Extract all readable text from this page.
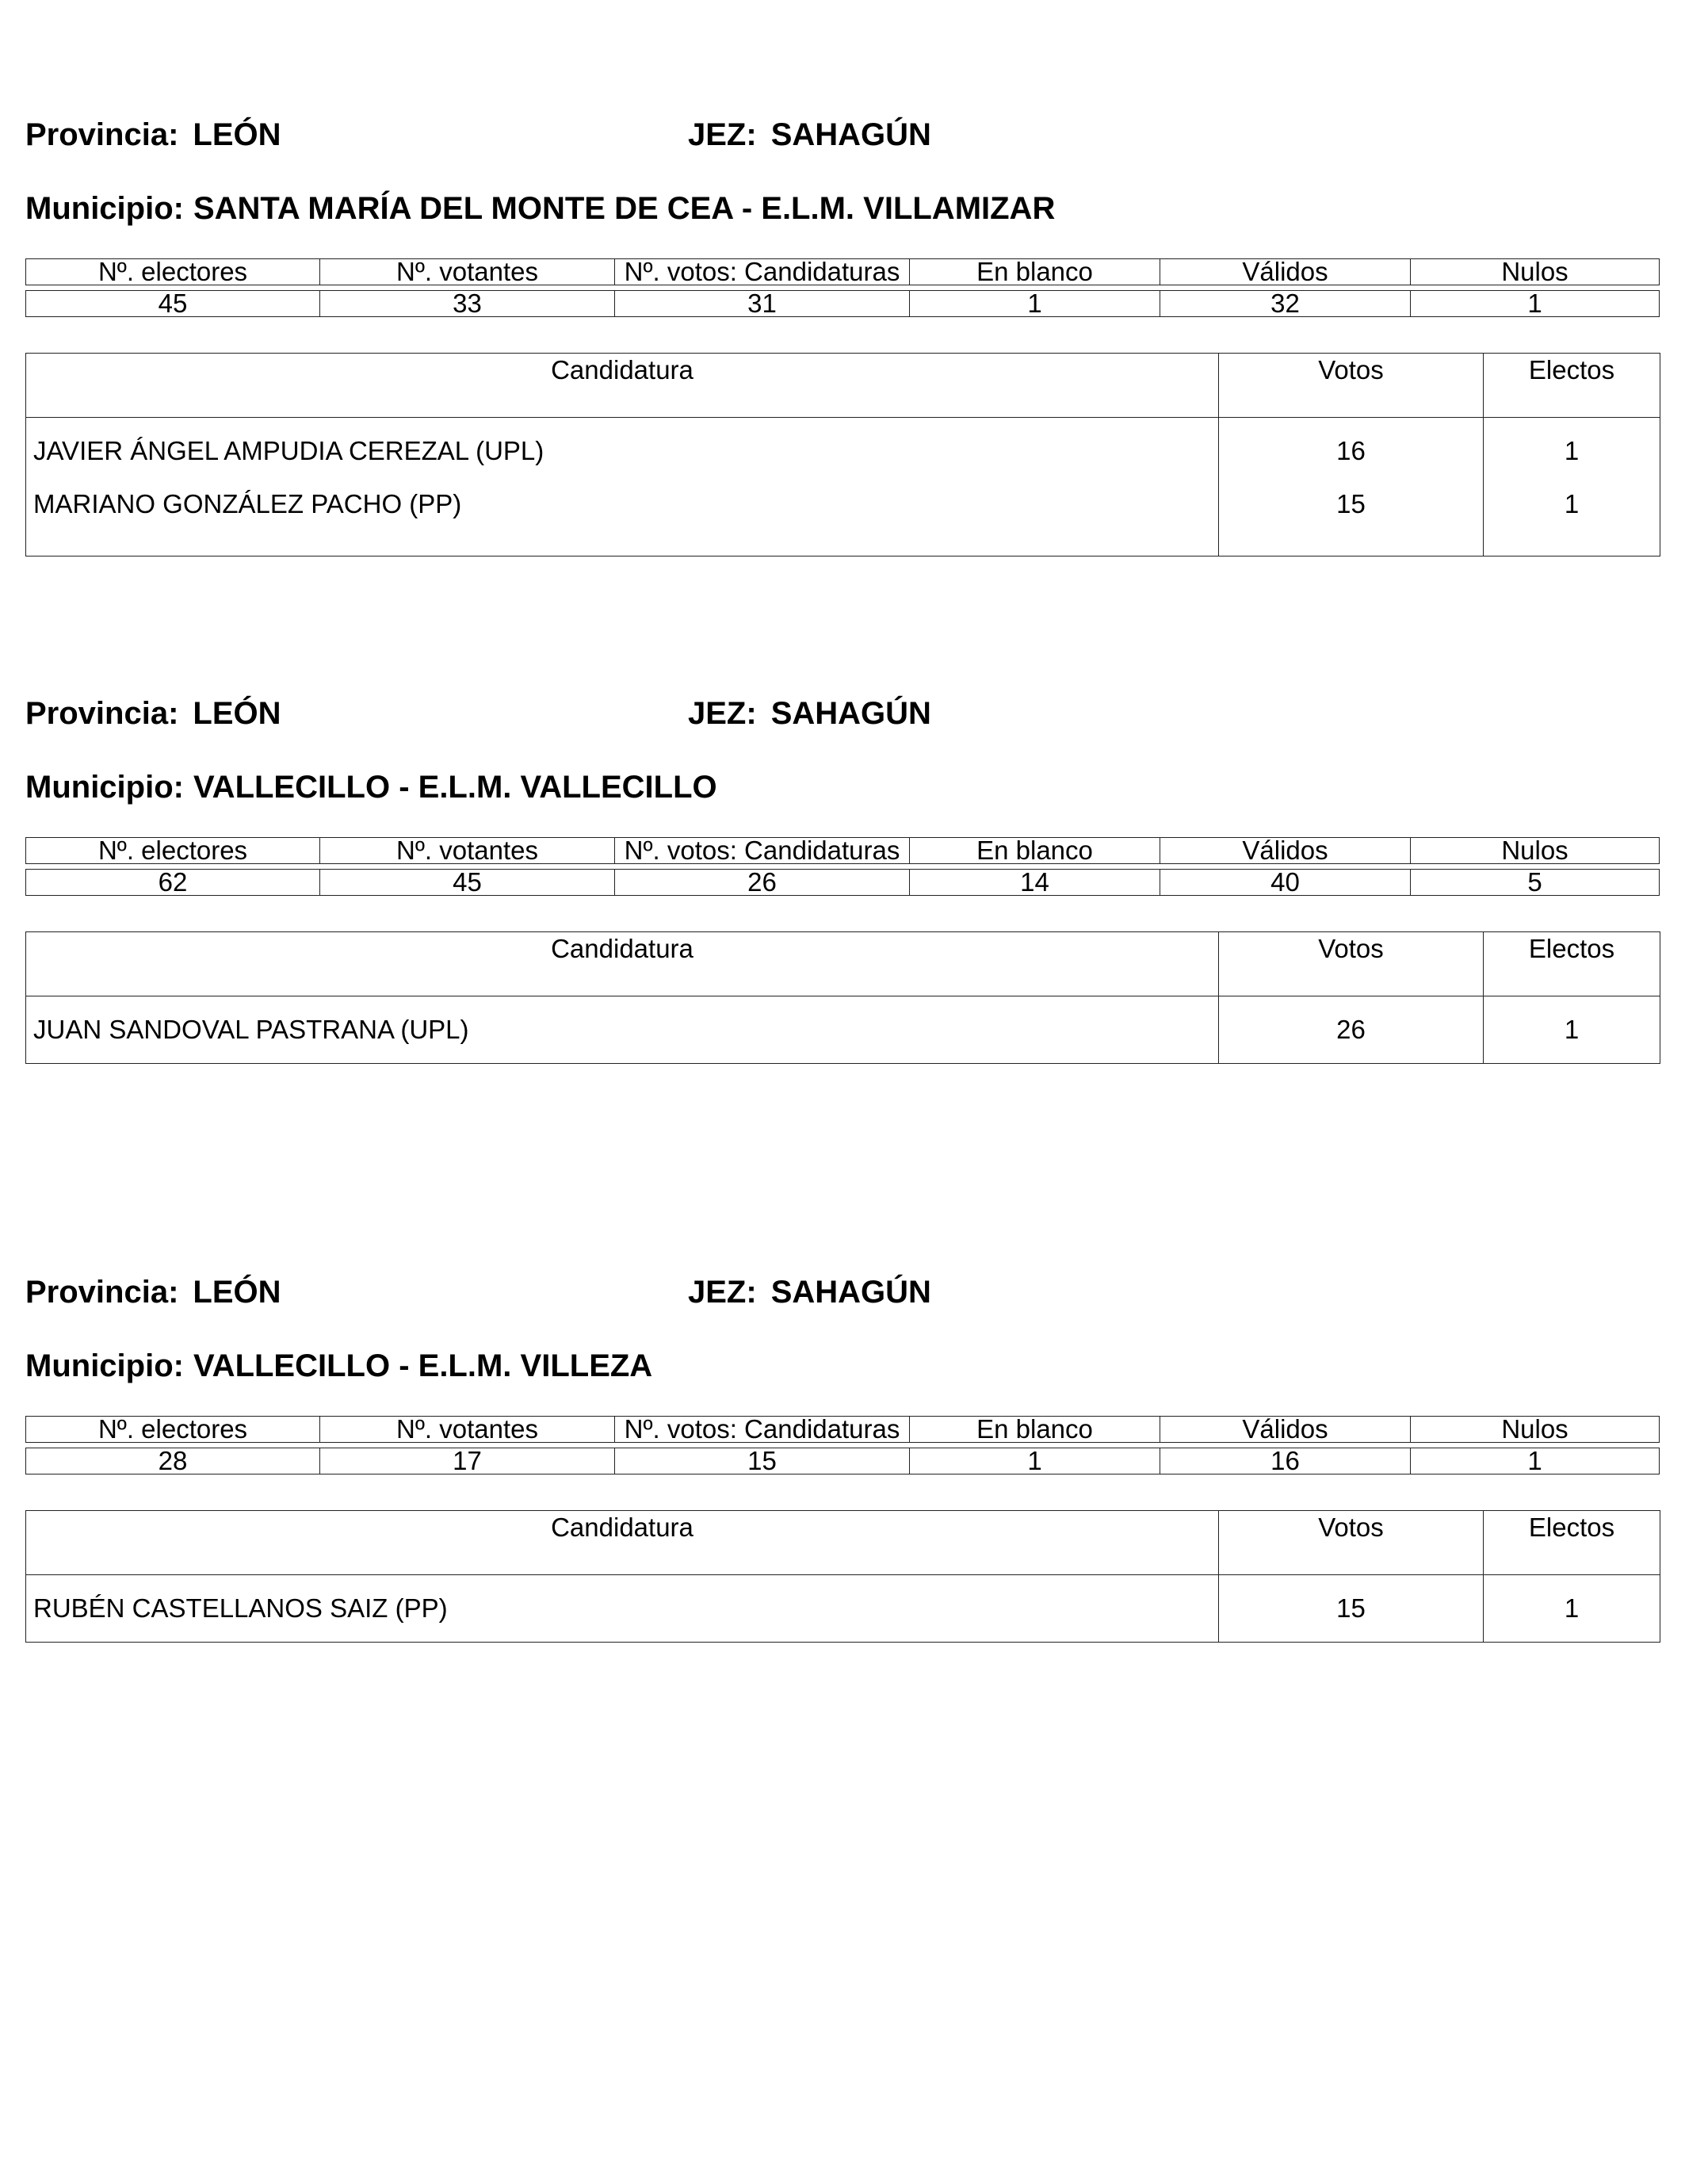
Provincia: LEÓN	JEZ: SAHAGÚN
Municipio: SANTA MARÍA DEL MONTE DE CEA - E.L.M. VILLAMIZAR
Nº. electores	Nº. votantes	Nº. votos: Candidaturas	En blanco	Válidos	Nulos
45	33	31	1	32	1
Candidatura	Votos	Electos
JAVIER ÁNGEL AMPUDIA CEREZAL (UPL)	16	1
MARIANO GONZÁLEZ PACHO (PP)	15	1
Provincia: LEÓN	JEZ: SAHAGÚN
Municipio: VALLECILLO - E.L.M. VALLECILLO
Nº. electores	Nº. votantes	Nº. votos: Candidaturas	En blanco	Válidos	Nulos
62	45	26	14	40	5
Candidatura	Votos	Electos
JUAN SANDOVAL PASTRANA (UPL)	26	1
Provincia: LEÓN	JEZ: SAHAGÚN
Municipio: VALLECILLO - E.L.M. VILLEZA
Nº. electores	Nº. votantes	Nº. votos: Candidaturas	En blanco	Válidos	Nulos
28	17	15	1	16	1
Candidatura	Votos	Electos
RUBÉN CASTELLANOS SAIZ (PP)	15	1
